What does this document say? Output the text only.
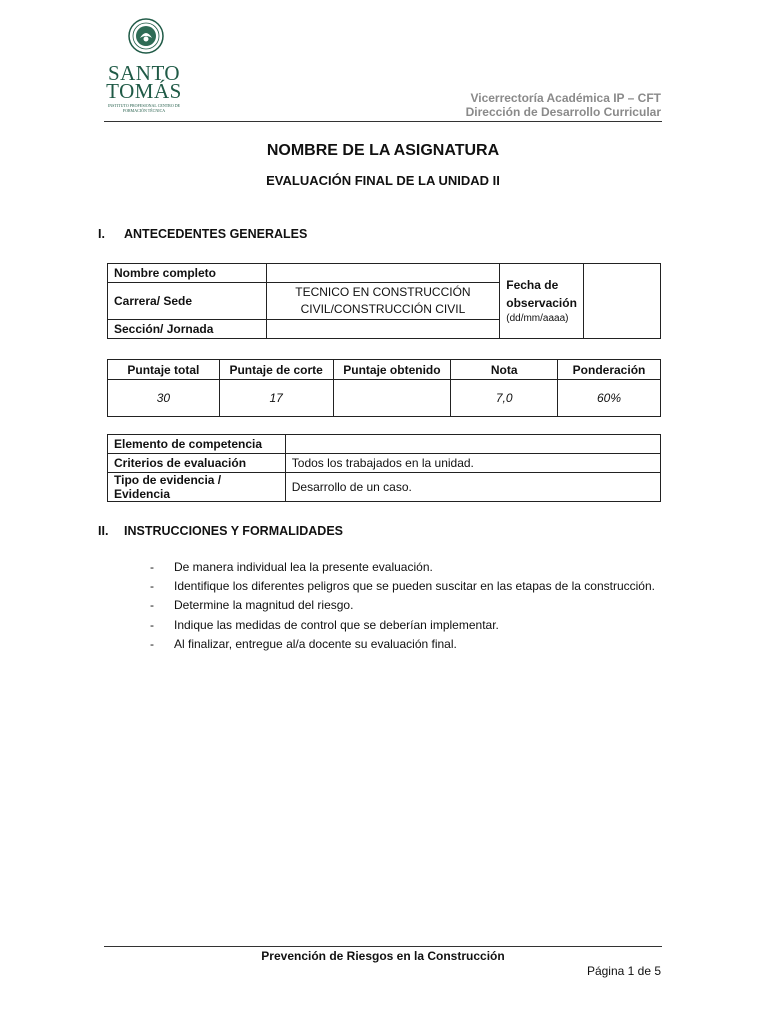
SANTO
TOMÁS
INSTITUTO PROFESIONAL CENTRO DE FORMACIÓN TÉCNICA
Vicerrectoría Académica IP – CFT
Dirección de Desarrollo Curricular
NOMBRE DE LA ASIGNATURA
EVALUACIÓN FINAL DE LA UNIDAD II
I. ANTECEDENTES GENERALES
Nombre completo		Fecha de
observación
(dd/mm/aaaa)	

Carrera/ Sede	TECNICO EN CONSTRUCCIÓN
CIVIL/CONSTRUCCIÓN CIVIL		

Sección/ Jornada			
Puntaje total	Puntaje de corte	Puntaje obtenido	Nota	Ponderación
30	17		7,0	60%
Elemento de competencia	
Criterios de evaluación	Todos los trabajados en la unidad.
Tipo de evidencia / Evidencia	Desarrollo de un caso.
II. INSTRUCCIONES Y FORMALIDADES
- De manera individual lea la presente evaluación.
- Identifique los diferentes peligros que se pueden suscitar en las etapas de la construcción.
- Determine la magnitud del riesgo.
- Indique las medidas de control que se deberían implementar.
- Al finalizar, entregue al/a docente su evaluación final.
Prevención de Riesgos en la Construcción
Página 1 de 5
